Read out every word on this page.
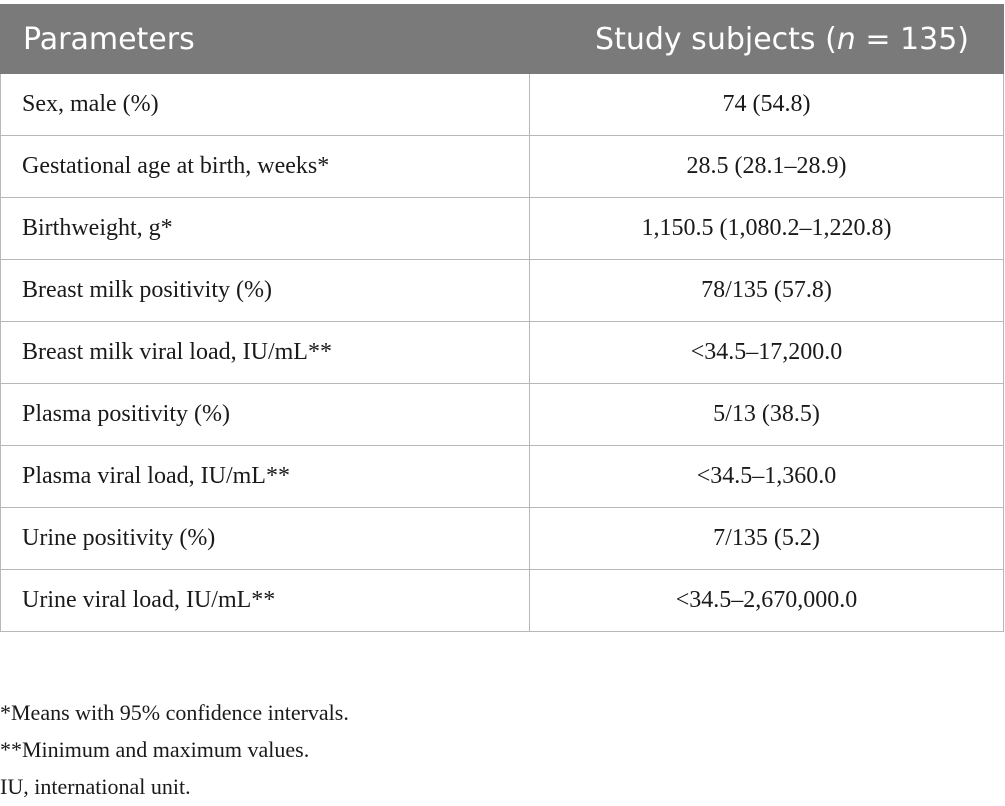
Parameters	Study subjects (n = 135)
Sex, male (%)	74 (54.8)
Gestational age at birth, weeks*	28.5 (28.1–28.9)
Birthweight, g*	1,150.5 (1,080.2–1,220.8)
Breast milk positivity (%)	78/135 (57.8)
Breast milk viral load, IU/mL**	<34.5–17,200.0
Plasma positivity (%)	5/13 (38.5)
Plasma viral load, IU/mL**	<34.5–1,360.0
Urine positivity (%)	7/135 (5.2)
Urine viral load, IU/mL**	<34.5–2,670,000.0
*Means with 95% confidence intervals.
**Minimum and maximum values.
IU, international unit.
